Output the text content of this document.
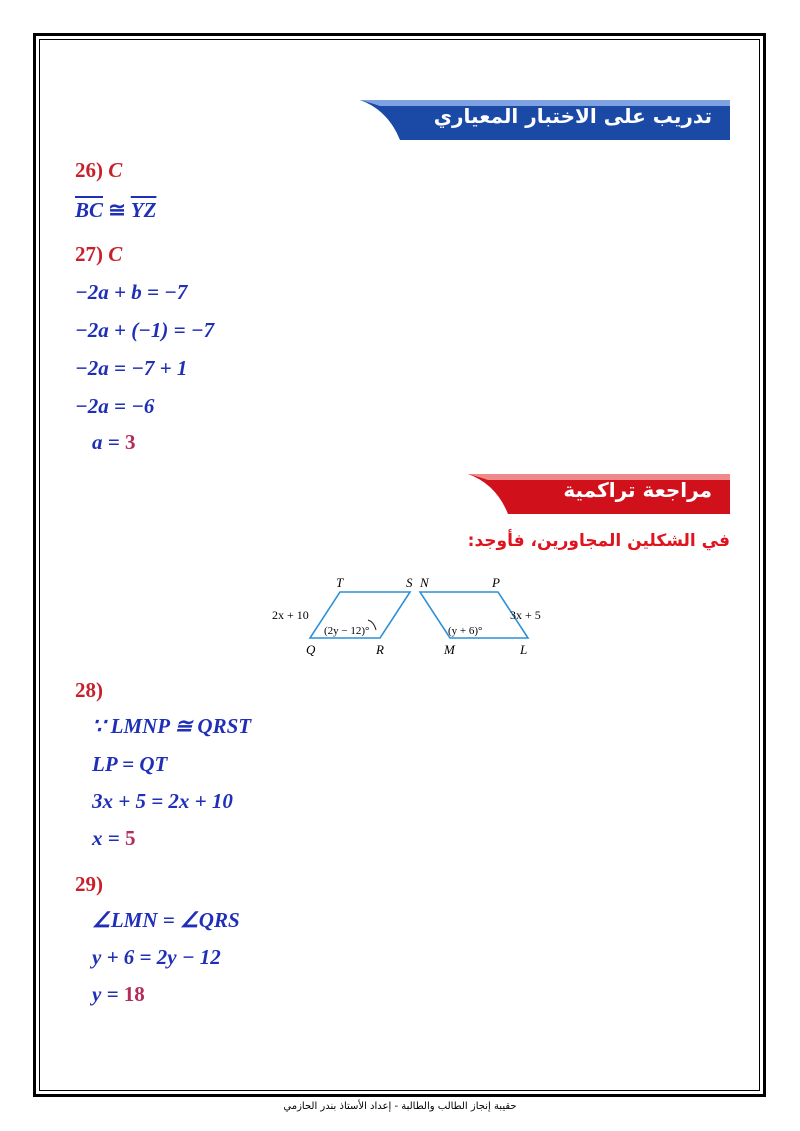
تدريب على الاختبار المعياري
26) C
$\overline{BC}$ ≅ $\overline{YZ}$
27) C
−2a + b = −7
−2a + (−1) = −7
−2a = −7 + 1
−2a = −6
a = 3
مراجعة تراكمية
في الشكلين المجاورين، فأوجد:
T	S N	P
2x + 10
(2y − 12)°	(y + 6)°
3x + 5
Q	R	M	L
28)
∵ LMNP ≅ QRST
LP = QT
3x + 5 = 2x + 10
x = 5
29)
∠LMN = ∠QRS
y + 6 = 2y − 12
y = 18
حقيبة إنجاز الطالب والطالبة - إعداد الأستاذ بندر الحازمي
